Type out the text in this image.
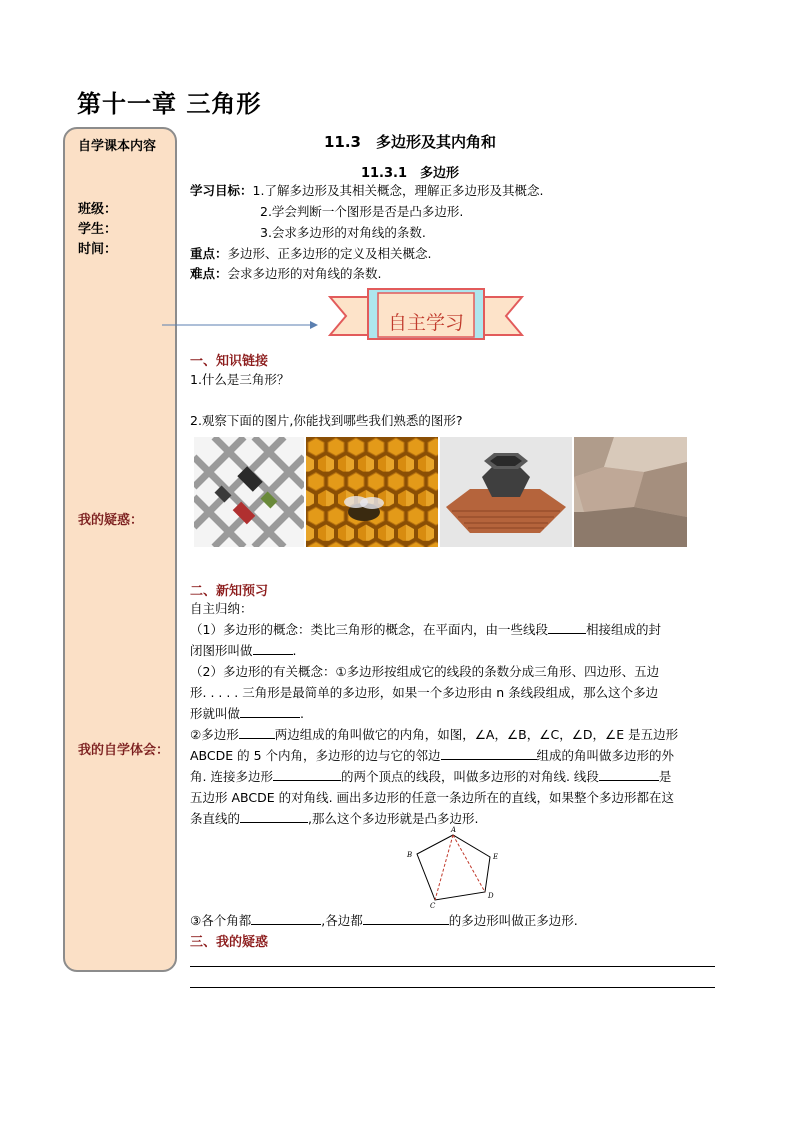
第十一章 三角形
自学课本内容
班级：
学生：
时间：
我的疑惑：
我的自学体会：
11.3　多边形及其内角和
11.3.1　多边形
学习目标：1.了解多边形及其相关概念，理解正多边形及其概念.
2.学会判断一个图形是否是凸多边形.
3.会求多边形的对角线的条数.
重点：多边形、正多边形的定义及相关概念.
难点：会求多边形的对角线的条数.
自主学习
一、知识链接
1.什么是三角形？
2.观察下面的图片,你能找到哪些我们熟悉的图形?
二、新知预习
自主归纳：
（1）多边形的概念：类比三角形的概念，在平面内，由一些线段	相接组成的封
闭图形叫做	.
（2）多边形的有关概念：①多边形按组成它的线段的条数分成三角形、四边形、五边
形. . . . . 三角形是最简单的多边形，如果一个多边形由 n 条线段组成，那么这个多边
形就叫做	.
②多边形	两边组成的角叫做它的内角，如图，∠A，∠B，∠C，∠D，∠E 是五边形
ABCDE 的 5 个内角，多边形的边与它的邻边	组成的角叫做多边形的外
角. 连接多边形	的两个顶点的线段，叫做多边形的对角线. 线段	是
五边形 ABCDE 的对角线. 画出多边形的任意一条边所在的直线，如果整个多边形都在这
条直线的	,那么这个多边形就是凸多边形.
A
B
C
D
E
③各个角都	,各边都	的多边形叫做正多边形.
三、我的疑惑
